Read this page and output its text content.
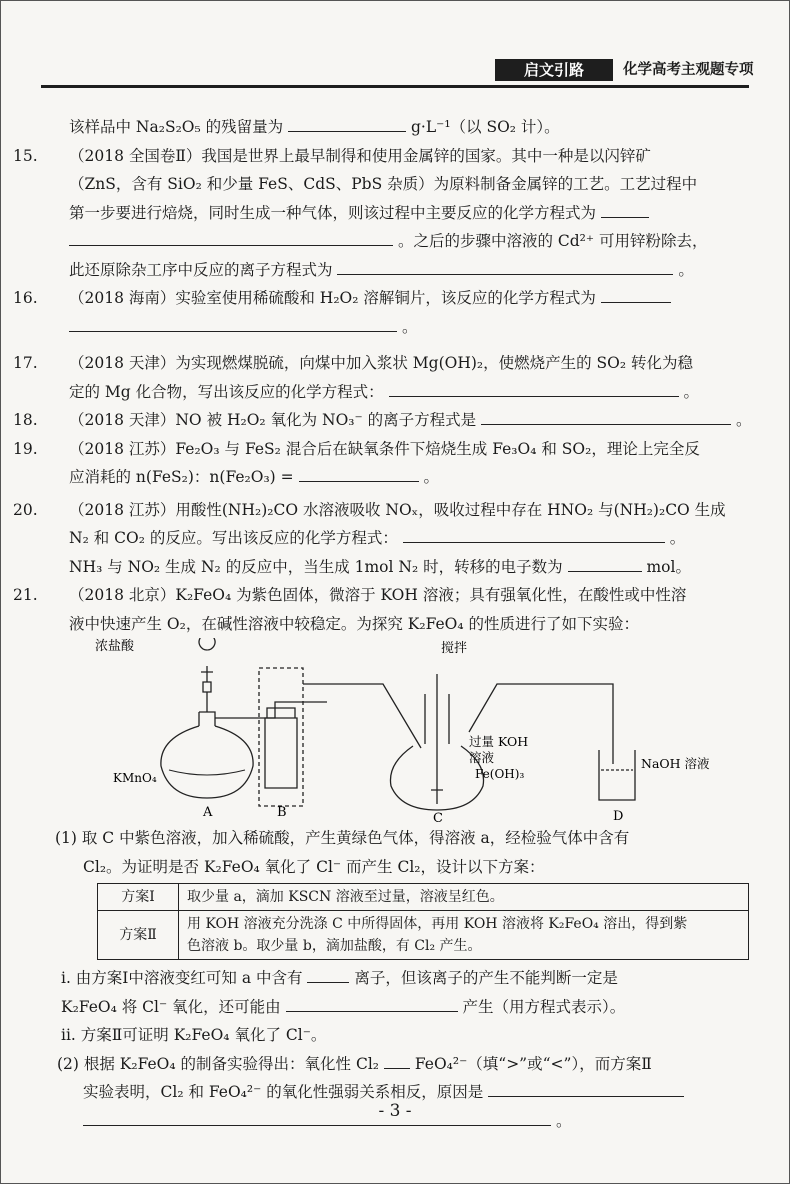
启文引路	化学高考主观题专项
该样品中 Na₂S₂O₅ 的残留量为	g·L⁻¹（以 SO₂ 计）。
15. （2018 全国卷Ⅱ）我国是世界上最早制得和使用金属锌的国家。其中一种是以闪锌矿
（ZnS，含有 SiO₂ 和少量 FeS、CdS、PbS 杂质）为原料制备金属锌的工艺。工艺过程中
第一步要进行焙烧，同时生成一种气体，则该过程中主要反应的化学方程式为
。之后的步骤中溶液的 Cd²⁺ 可用锌粉除去，
此还原除杂工序中反应的离子方程式为	。
16. （2018 海南）实验室使用稀硫酸和 H₂O₂ 溶解铜片，该反应的化学方程式为
。
17. （2018 天津）为实现燃煤脱硫，向煤中加入浆状 Mg(OH)₂，使燃烧产生的 SO₂ 转化为稳
定的 Mg 化合物，写出该反应的化学方程式：	。
18. （2018 天津）NO 被 H₂O₂ 氧化为 NO₃⁻ 的离子方程式是	。
19. （2018 江苏）Fe₂O₃ 与 FeS₂ 混合后在缺氧条件下焙烧生成 Fe₃O₄ 和 SO₂，理论上完全反
应消耗的 n(FeS₂)：n(Fe₂O₃) =	。
20. （2018 江苏）用酸性(NH₂)₂CO 水溶液吸收 NOₓ，吸收过程中存在 HNO₂ 与(NH₂)₂CO 生成
N₂ 和 CO₂ 的反应。写出该反应的化学方程式：	。
NH₃ 与 NO₂ 生成 N₂ 的反应中，当生成 1mol N₂ 时，转移的电子数为	mol。
21. （2018 北京）K₂FeO₄ 为紫色固体，微溶于 KOH 溶液；具有强氧化性，在酸性或中性溶
液中快速产生 O₂，在碱性溶液中较稳定。为探究 K₂FeO₄ 的性质进行了如下实验：
浓盐酸
KMnO₄
A	B
搅拌
过量 KOH
溶液
Fe(OH)₃
C
NaOH 溶液
D
(1) 取 C 中紫色溶液，加入稀硫酸，产生黄绿色气体，得溶液 a，经检验气体中含有
Cl₂。为证明是否 K₂FeO₄ 氧化了 Cl⁻ 而产生 Cl₂，设计以下方案：
方案Ⅰ	取少量 a，滴加 KSCN 溶液至过量，溶液呈红色。
方案Ⅱ	用 KOH 溶液充分洗涤 C 中所得固体，再用 KOH 溶液将 K₂FeO₄ 溶出，得到紫
色溶液 b。取少量 b，滴加盐酸，有 Cl₂ 产生。
i. 由方案Ⅰ中溶液变红可知 a 中含有	离子，但该离子的产生不能判断一定是
K₂FeO₄ 将 Cl⁻ 氧化，还可能由	产生（用方程式表示）。
ii. 方案Ⅱ可证明 K₂FeO₄ 氧化了 Cl⁻。
(2) 根据 K₂FeO₄ 的制备实验得出：氧化性 Cl₂ FeO₄²⁻（填“>”或“<”），而方案Ⅱ
实验表明，Cl₂ 和 FeO₄²⁻ 的氧化性强弱关系相反，原因是
。
- 3 -
